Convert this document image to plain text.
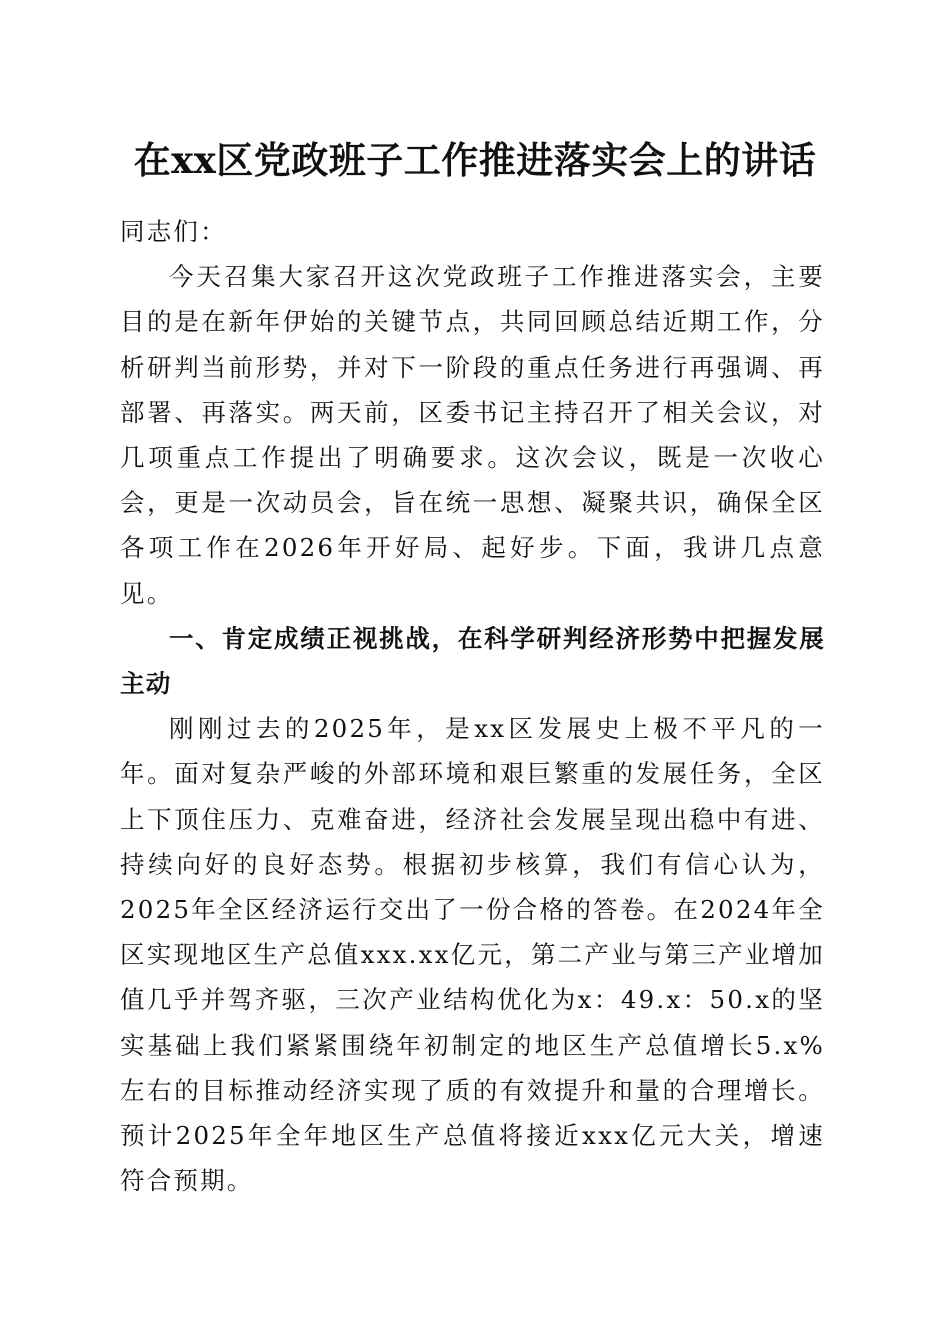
在xx区党政班子工作推进落实会上的讲话

同志们：

今天召集大家召开这次党政班子工作推进落实会，主要目的是在新年伊始的关键节点，共同回顾总结近期工作，分析研判当前形势，并对下一阶段的重点任务进行再强调、再部署、再落实。两天前，区委书记主持召开了相关会议，对几项重点工作提出了明确要求。这次会议，既是一次收心会，更是一次动员会，旨在统一思想、凝聚共识，确保全区各项工作在2026年开好局、起好步。下面，我讲几点意见。

一、肯定成绩正视挑战，在科学研判经济形势中把握发展主动

刚刚过去的2025年，是xx区发展史上极不平凡的一年。面对复杂严峻的外部环境和艰巨繁重的发展任务，全区上下顶住压力、克难奋进，经济社会发展呈现出稳中有进、持续向好的良好态势。根据初步核算，我们有信心认为，2025年全区经济运行交出了一份合格的答卷。在2024年全区实现地区生产总值xxx.xx亿元，第二产业与第三产业增加值几乎并驾齐驱，三次产业结构优化为x：49.x：50.x的坚实基础上我们紧紧围绕年初制定的地区生产总值增长5.x%左右的目标推动经济实现了质的有效提升和量的合理增长。预计2025年全年地区生产总值将接近xxx亿元大关，增速符合预期。
